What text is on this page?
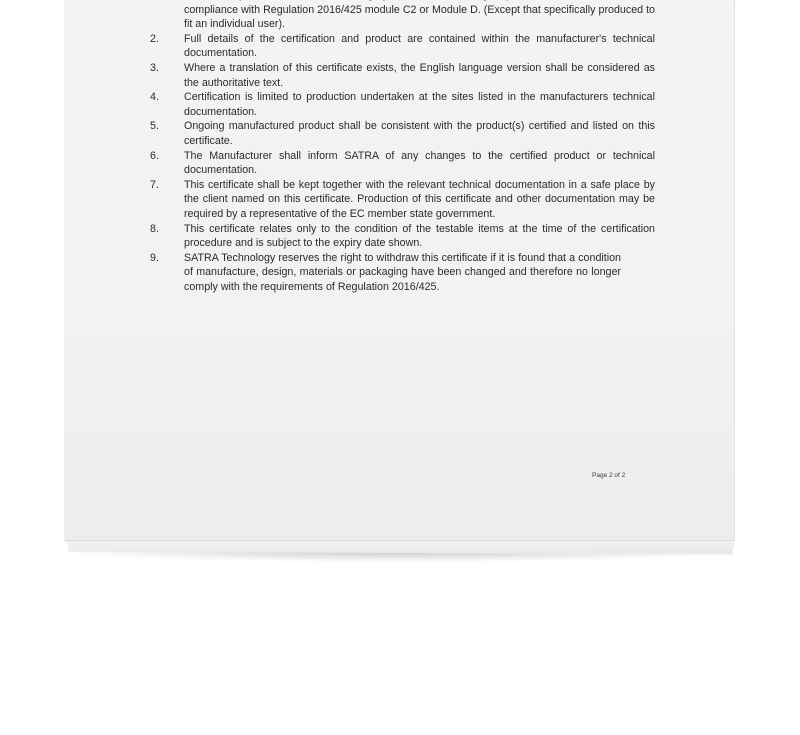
compliance with Regulation 2016/425 module C2 or Module D. (Except that specifically produced to fit an individual user).
2.	Full details of the certification and product are contained within the manufacturer's technical documentation.
3.	Where a translation of this certificate exists, the English language version shall be considered as the authoritative text.
4.	Certification is limited to production undertaken at the sites listed in the manufacturers technical documentation.
5.	Ongoing manufactured product shall be consistent with the product(s) certified and listed on this certificate.
6.	The Manufacturer shall inform SATRA of any changes to the certified product or technical documentation.
7.	This certificate shall be kept together with the relevant technical documentation in a safe place by the client named on this certificate. Production of this certificate and other documentation may be required by a representative of the EC member state government.
8.	This certificate relates only to the condition of the testable items at the time of the certification procedure and is subject to the expiry date shown.
9.	SATRA Technology reserves the right to withdraw this certificate if it is found that a condition of manufacture, design, materials or packaging have been changed and therefore no longer comply with the requirements of Regulation 2016/425.
Page 2 of 2
